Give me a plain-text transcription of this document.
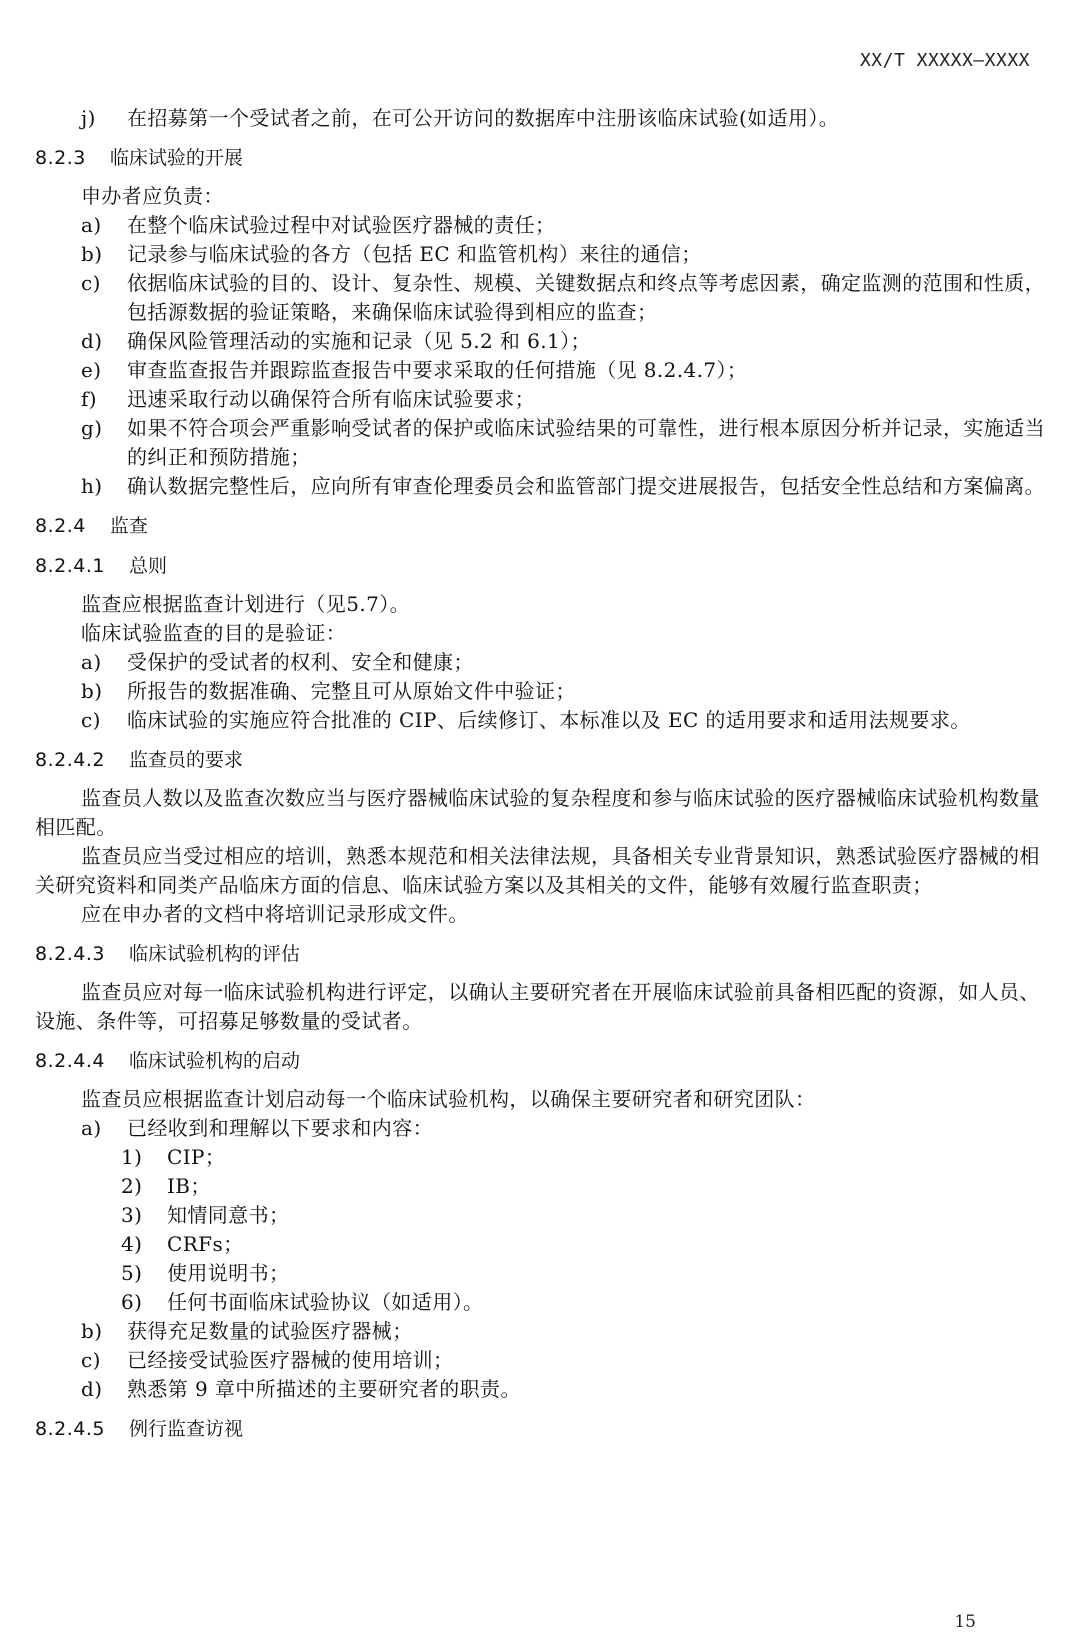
XX/T XXXXX—XXXX
j)	在招募第一个受试者之前，在可公开访问的数据库中注册该临床试验(如适用）。
8.2.3 临床试验的开展
申办者应负责：
a)	在整个临床试验过程中对试验医疗器械的责任；
b)	记录参与临床试验的各方（包括 EC 和监管机构）来往的通信；
c)	依据临床试验的目的、设计、复杂性、规模、关键数据点和终点等考虑因素，确定监测的范围和性质，包括源数据的验证策略，来确保临床试验得到相应的监查；
d)	确保风险管理活动的实施和记录（见 5.2 和 6.1）；
e)	审查监查报告并跟踪监查报告中要求采取的任何措施（见 8.2.4.7）；
f)	迅速采取行动以确保符合所有临床试验要求；
g)	如果不符合项会严重影响受试者的保护或临床试验结果的可靠性，进行根本原因分析并记录，实施适当的纠正和预防措施；
h)	确认数据完整性后，应向所有审查伦理委员会和监管部门提交进展报告，包括安全性总结和方案偏离。
8.2.4 监查
8.2.4.1 总则
监查应根据监查计划进行（见5.7）。
临床试验监查的目的是验证：
a)	受保护的受试者的权利、安全和健康；
b)	所报告的数据准确、完整且可从原始文件中验证；
c)	临床试验的实施应符合批准的 CIP、后续修订、本标准以及 EC 的适用要求和适用法规要求。
8.2.4.2 监查员的要求
监查员人数以及监查次数应当与医疗器械临床试验的复杂程度和参与临床试验的医疗器械临床试验机构数量相匹配。
监查员应当受过相应的培训，熟悉本规范和相关法律法规，具备相关专业背景知识，熟悉试验医疗器械的相关研究资料和同类产品临床方面的信息、临床试验方案以及其相关的文件，能够有效履行监查职责；
应在申办者的文档中将培训记录形成文件。
8.2.4.3 临床试验机构的评估
监查员应对每一临床试验机构进行评定，以确认主要研究者在开展临床试验前具备相匹配的资源，如人员、设施、条件等，可招募足够数量的受试者。
8.2.4.4 临床试验机构的启动
监查员应根据监查计划启动每一个临床试验机构，以确保主要研究者和研究团队：
a)	已经收到和理解以下要求和内容：
1)	CIP；
2)	IB；
3)	知情同意书；
4)	CRFs；
5)	使用说明书；
6)	任何书面临床试验协议（如适用）。
b)	获得充足数量的试验医疗器械；
c)	已经接受试验医疗器械的使用培训；
d)	熟悉第 9 章中所描述的主要研究者的职责。
8.2.4.5 例行监查访视
15
